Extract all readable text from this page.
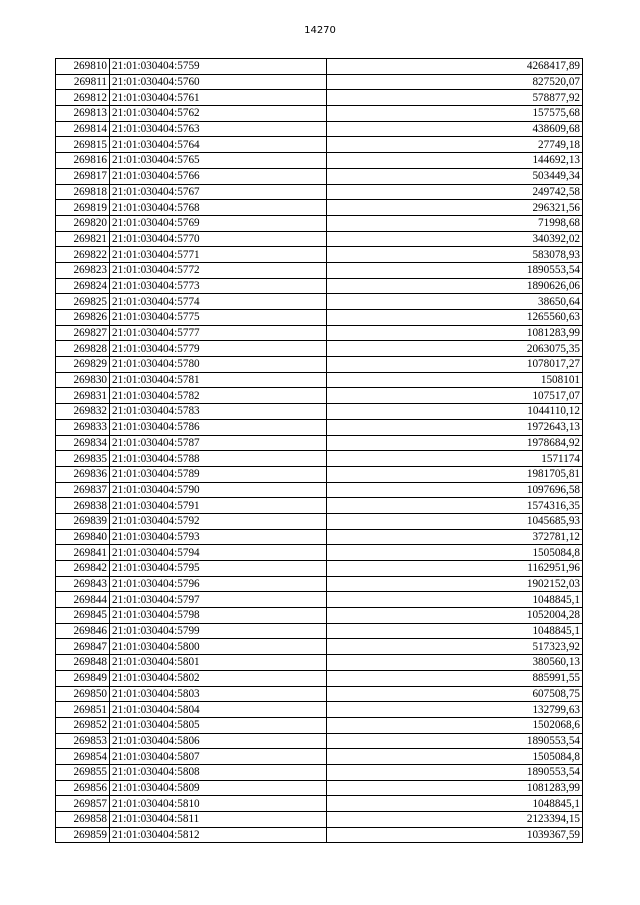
14270
269810	21:01:030404:5759	4268417,89
269811	21:01:030404:5760	827520,07
269812	21:01:030404:5761	578877,92
269813	21:01:030404:5762	157575,68
269814	21:01:030404:5763	438609,68
269815	21:01:030404:5764	27749,18
269816	21:01:030404:5765	144692,13
269817	21:01:030404:5766	503449,34
269818	21:01:030404:5767	249742,58
269819	21:01:030404:5768	296321,56
269820	21:01:030404:5769	71998,68
269821	21:01:030404:5770	340392,02
269822	21:01:030404:5771	583078,93
269823	21:01:030404:5772	1890553,54
269824	21:01:030404:5773	1890626,06
269825	21:01:030404:5774	38650,64
269826	21:01:030404:5775	1265560,63
269827	21:01:030404:5777	1081283,99
269828	21:01:030404:5779	2063075,35
269829	21:01:030404:5780	1078017,27
269830	21:01:030404:5781	1508101
269831	21:01:030404:5782	107517,07
269832	21:01:030404:5783	1044110,12
269833	21:01:030404:5786	1972643,13
269834	21:01:030404:5787	1978684,92
269835	21:01:030404:5788	1571174
269836	21:01:030404:5789	1981705,81
269837	21:01:030404:5790	1097696,58
269838	21:01:030404:5791	1574316,35
269839	21:01:030404:5792	1045685,93
269840	21:01:030404:5793	372781,12
269841	21:01:030404:5794	1505084,8
269842	21:01:030404:5795	1162951,96
269843	21:01:030404:5796	1902152,03
269844	21:01:030404:5797	1048845,1
269845	21:01:030404:5798	1052004,28
269846	21:01:030404:5799	1048845,1
269847	21:01:030404:5800	517323,92
269848	21:01:030404:5801	380560,13
269849	21:01:030404:5802	885991,55
269850	21:01:030404:5803	607508,75
269851	21:01:030404:5804	132799,63
269852	21:01:030404:5805	1502068,6
269853	21:01:030404:5806	1890553,54
269854	21:01:030404:5807	1505084,8
269855	21:01:030404:5808	1890553,54
269856	21:01:030404:5809	1081283,99
269857	21:01:030404:5810	1048845,1
269858	21:01:030404:5811	2123394,15
269859	21:01:030404:5812	1039367,59
